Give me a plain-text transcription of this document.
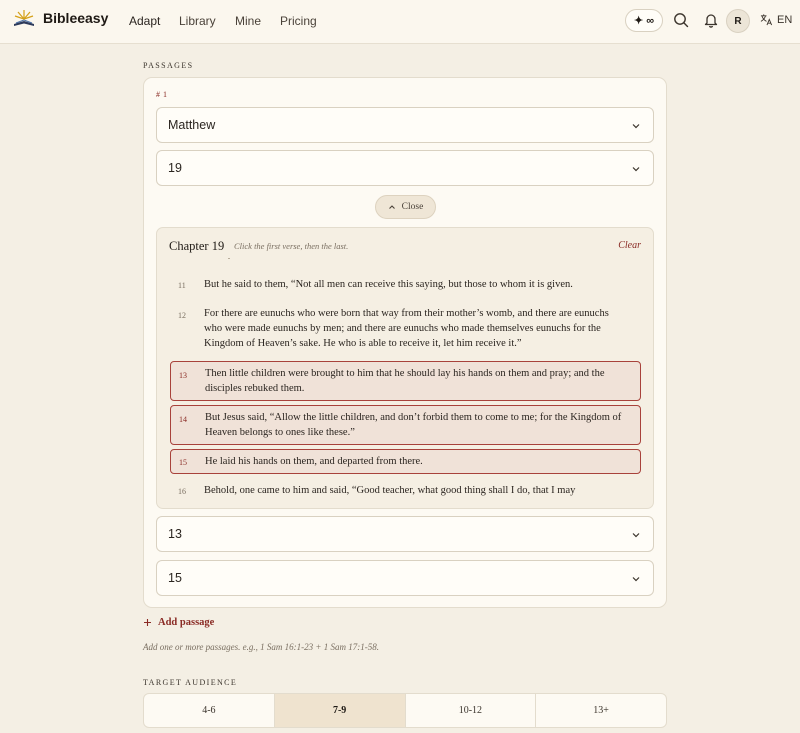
Bibleeasy Adapt Library Mine Pricing	✦ ∞	R	EN
PASSAGES
# 1
Matthew
19
Close
Chapter 19 Click the first verse, then the last.	Clear
11 But he said to them, “Not all men can receive this saying, but those to whom it is given.
12 For there are eunuchs who were born that way from their mother’s womb, and there are eunuchs who were made eunuchs by men; and there are eunuchs who made themselves eunuchs for the Kingdom of Heaven’s sake. He who is able to receive it, let him receive it.”
13 Then little children were brought to him that he should lay his hands on them and pray; and the disciples rebuked them.
14 But Jesus said, “Allow the little children, and don’t forbid them to come to me; for the Kingdom of Heaven belongs to ones like these.”
15 He laid his hands on them, and departed from there.
16 Behold, one came to him and said, “Good teacher, what good thing shall I do, that I may
13
15
Add passage
Add one or more passages. e.g., 1 Sam 16:1-23 + 1 Sam 17:1-58.
TARGET AUDIENCE
4-6	7-9	10-12	13+
